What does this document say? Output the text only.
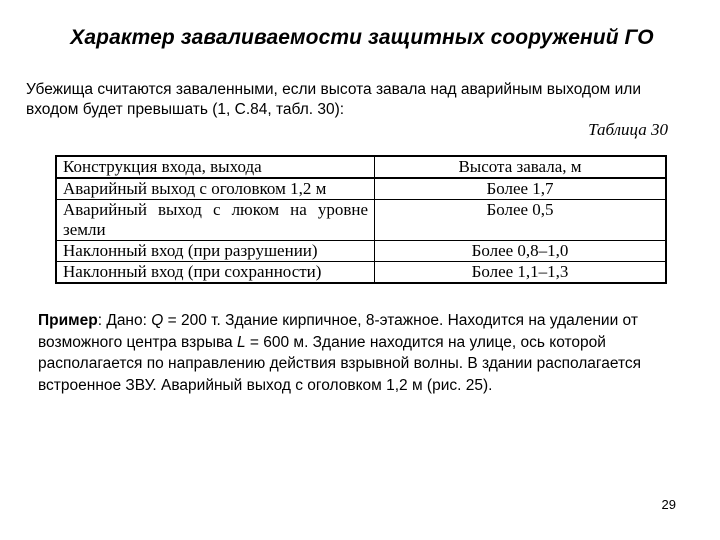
Характер заваливаемости защитных сооружений ГО
Убежища считаются заваленными, если высота завала над аварийным выходом или входом будет превышать (1, С.84, табл. 30):
Таблица 30
Конструкция входа, выхода	Высота завала, м
Аварийный выход с оголовком 1,2 м	Более 1,7
Аварийный выход с люком на уровне земли	Более 0,5
Наклонный вход (при разрушении)	Более 0,8–1,0
Наклонный вход (при сохранности)	Более 1,1–1,3
Пример: Дано: Q = 200 т. Здание кирпичное, 8-этажное. Находится на удалении от возможного центра взрыва L = 600 м. Здание находится на улице, ось которой располагается по направлению действия взрывной волны. В здании располагается встроенное ЗВУ. Аварийный выход с оголовком 1,2 м (рис. 25).
29
